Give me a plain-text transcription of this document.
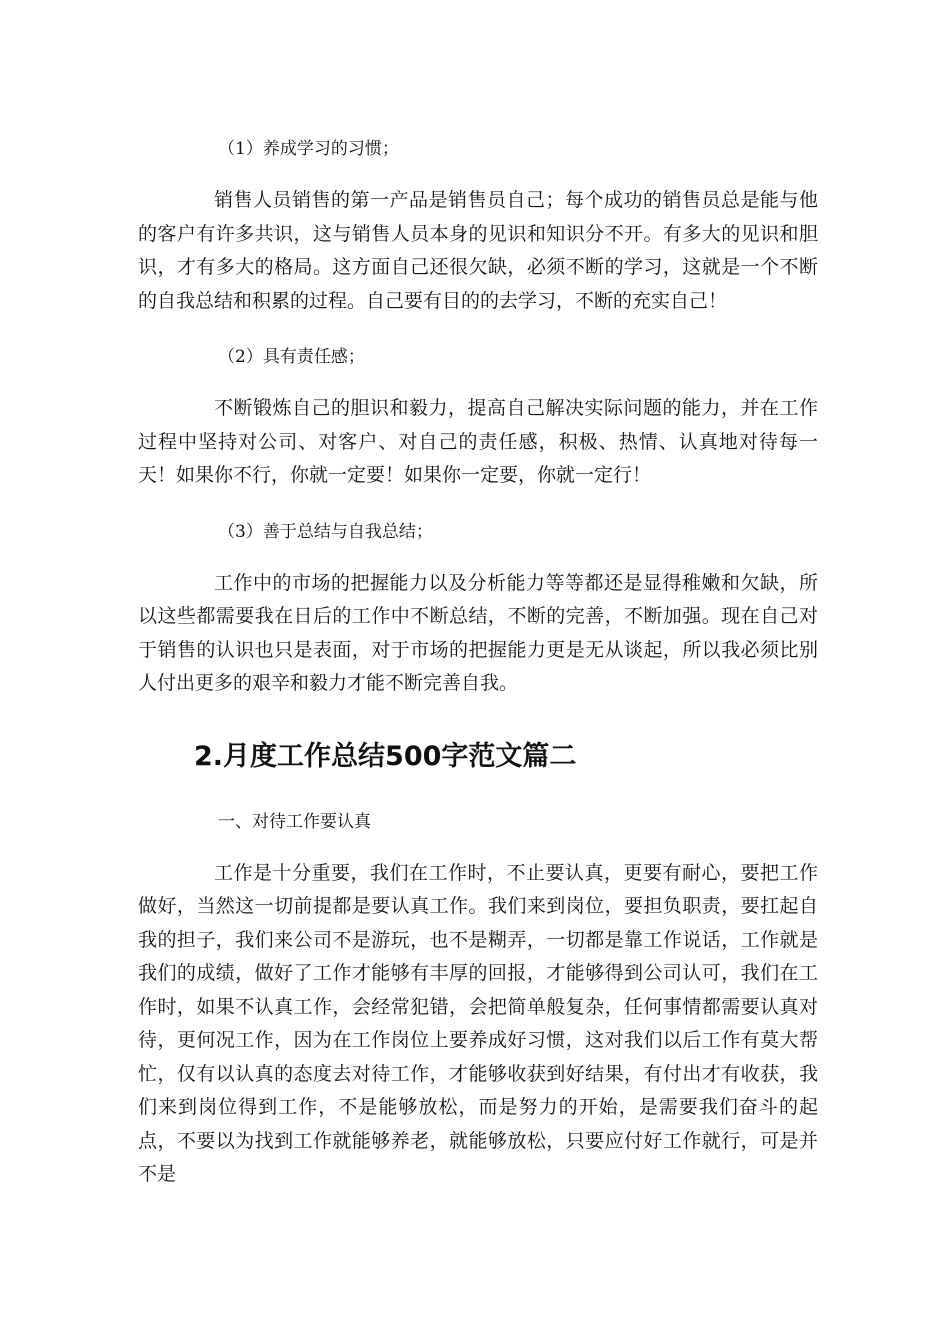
（1）养成学习的习惯；

销售人员销售的第一产品是销售员自己；每个成功的销售员总是能与他的客户有许多共识，这与销售人员本身的见识和知识分不开。有多大的见识和胆识，才有多大的格局。这方面自己还很欠缺，必须不断的学习，这就是一个不断的自我总结和积累的过程。自己要有目的的去学习，不断的充实自己！

（2）具有责任感；

不断锻炼自己的胆识和毅力，提高自己解决实际问题的能力，并在工作过程中坚持对公司、对客户、对自己的责任感，积极、热情、认真地对待每一天！如果你不行，你就一定要！如果你一定要，你就一定行！

（3）善于总结与自我总结；

工作中的市场的把握能力以及分析能力等等都还是显得稚嫩和欠缺，所以这些都需要我在日后的工作中不断总结，不断的完善，不断加强。现在自己对于销售的认识也只是表面，对于市场的把握能力更是无从谈起，所以我必须比别人付出更多的艰辛和毅力才能不断完善自我。

2.月度工作总结500字范文篇二

一、对待工作要认真

工作是十分重要，我们在工作时，不止要认真，更要有耐心，要把工作做好，当然这一切前提都是要认真工作。我们来到岗位，要担负职责，要扛起自我的担子，我们来公司不是游玩，也不是糊弄，一切都是靠工作说话，工作就是我们的成绩，做好了工作才能够有丰厚的回报，才能够得到公司认可，我们在工作时，如果不认真工作，会经常犯错，会把简单般复杂，任何事情都需要认真对待，更何况工作，因为在工作岗位上要养成好习惯，这对我们以后工作有莫大帮忙，仅有以认真的态度去对待工作，才能够收获到好结果，有付出才有收获，我们来到岗位得到工作，不是能够放松，而是努力的开始，是需要我们奋斗的起点，不要以为找到工作就能够养老，就能够放松，只要应付好工作就行，可是并不是
